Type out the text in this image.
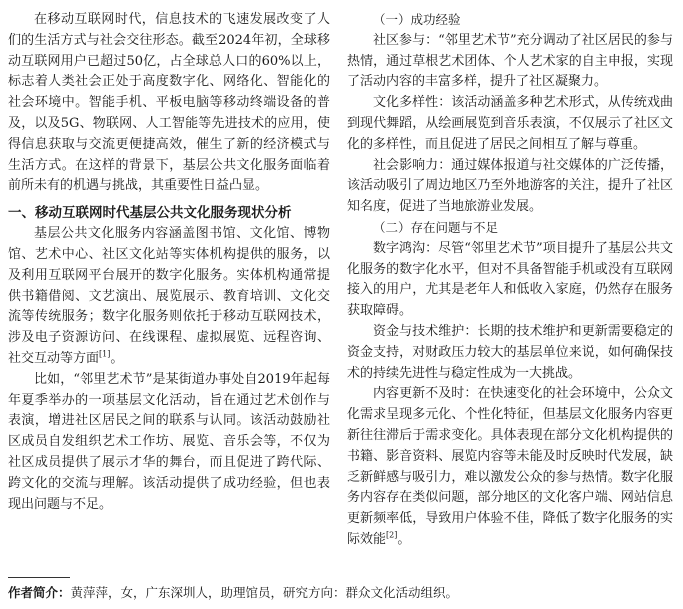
在移动互联网时代，信息技术的飞速发展改变了人们的生活方式与社会交往形态。截至2024年初，全球移动互联网用户已超过50亿，占全球总人口的60%以上，标志着人类社会正处于高度数字化、网络化、智能化的社会环境中。智能手机、平板电脑等移动终端设备的普及，以及5G、物联网、人工智能等先进技术的应用，使得信息获取与交流更便捷高效，催生了新的经济模式与生活方式。在这样的背景下，基层公共文化服务面临着前所未有的机遇与挑战，其重要性日益凸显。

一、移动互联网时代基层公共文化服务现状分析

基层公共文化服务内容涵盖图书馆、文化馆、博物馆、艺术中心、社区文化站等实体机构提供的服务，以及利用互联网平台展开的数字化服务。实体机构通常提供书籍借阅、文艺演出、展览展示、教育培训、文化交流等传统服务；数字化服务则依托于移动互联网技术，涉及电子资源访问、在线课程、虚拟展览、远程咨询、社交互动等方面[1]。

比如，“邻里艺术节”是某街道办事处自2019年起每年夏季举办的一项基层文化活动，旨在通过艺术创作与表演，增进社区居民之间的联系与认同。该活动鼓励社区成员自发组织艺术工作坊、展览、音乐会等，不仅为社区成员提供了展示才华的舞台，而且促进了跨代际、跨文化的交流与理解。该活动提供了成功经验，但也表现出问题与不足。

（一）成功经验

社区参与：“邻里艺术节”充分调动了社区居民的参与热情，通过草根艺术团体、个人艺术家的自主申报，实现了活动内容的丰富多样，提升了社区凝聚力。

文化多样性：该活动涵盖多种艺术形式，从传统戏曲到现代舞蹈，从绘画展览到音乐表演，不仅展示了社区文化的多样性，而且促进了居民之间相互了解与尊重。

社会影响力：通过媒体报道与社交媒体的广泛传播，该活动吸引了周边地区乃至外地游客的关注，提升了社区知名度，促进了当地旅游业发展。

（二）存在问题与不足

数字鸿沟：尽管“邻里艺术节”项目提升了基层公共文化服务的数字化水平，但对不具备智能手机或没有互联网接入的用户，尤其是老年人和低收入家庭，仍然存在服务获取障碍。

资金与技术维护：长期的技术维护和更新需要稳定的资金支持，对财政压力较大的基层单位来说，如何确保技术的持续先进性与稳定性成为一大挑战。

内容更新不及时：在快速变化的社会环境中，公众文化需求呈现多元化、个性化特征，但基层文化服务内容更新往往滞后于需求变化。具体表现在部分文化机构提供的书籍、影音资料、展览内容等未能及时反映时代发展，缺乏新鲜感与吸引力，难以激发公众的参与热情。数字化服务内容存在类似问题，部分地区的文化客户端、网站信息更新频率低，导致用户体验不佳，降低了数字化服务的实际效能[2]。

作者简介：黄萍萍，女，广东深圳人，助理馆员，研究方向：群众文化活动组织。
